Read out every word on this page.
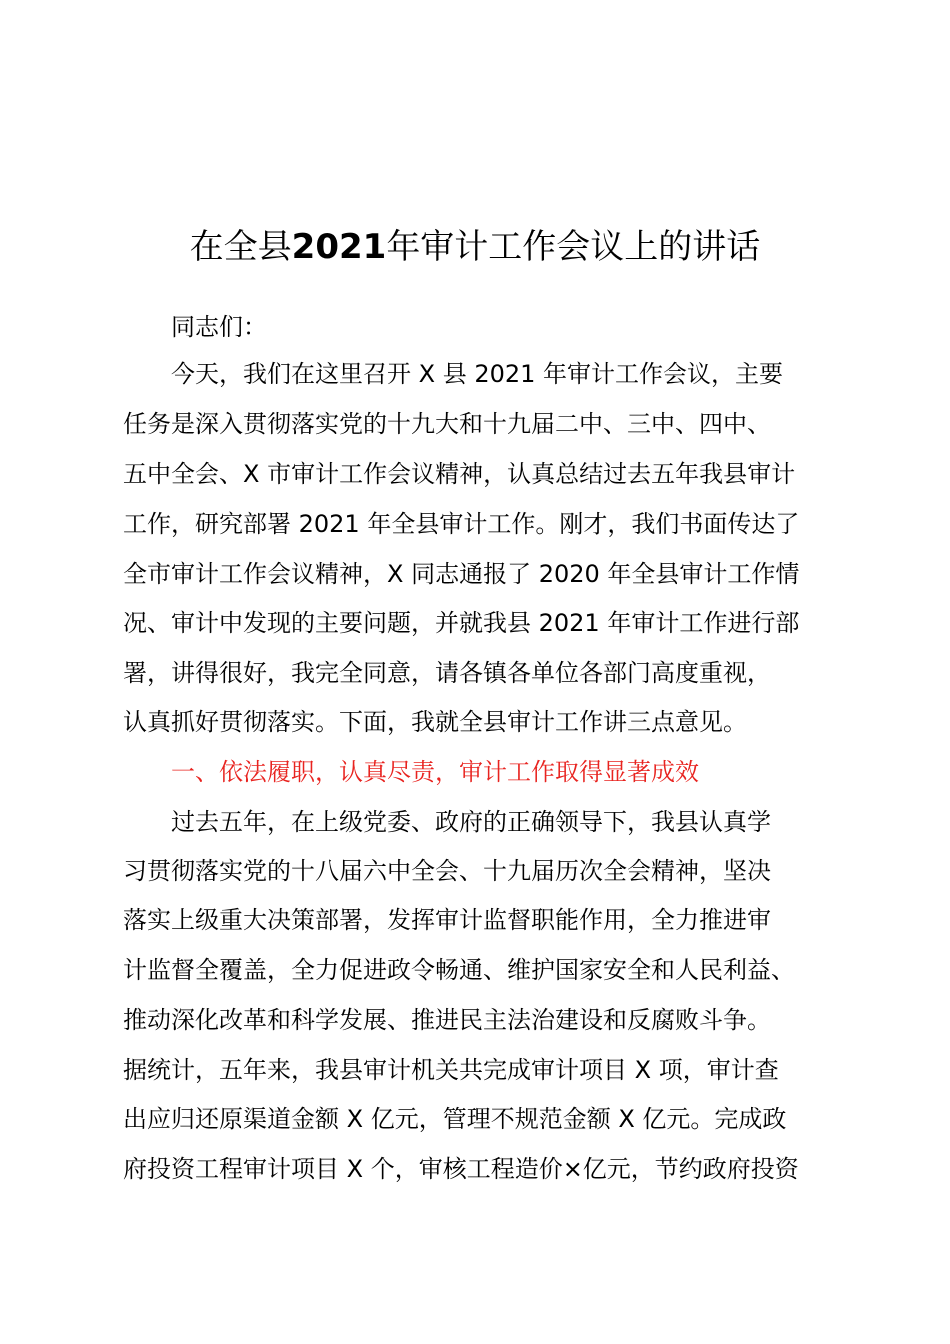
在全县2021年审计工作会议上的讲话
同志们：
今天，我们在这里召开 X 县 2021 年审计工作会议，主要
任务是深入贯彻落实党的十九大和十九届二中、三中、四中、
五中全会、X 市审计工作会议精神，认真总结过去五年我县审计
工作，研究部署 2021 年全县审计工作。刚才，我们书面传达了
全市审计工作会议精神，X 同志通报了 2020 年全县审计工作情
况、审计中发现的主要问题，并就我县 2021 年审计工作进行部
署，讲得很好，我完全同意，请各镇各单位各部门高度重视，
认真抓好贯彻落实。下面，我就全县审计工作讲三点意见。
一、依法履职，认真尽责，审计工作取得显著成效
过去五年，在上级党委、政府的正确领导下，我县认真学
习贯彻落实党的十八届六中全会、十九届历次全会精神，坚决
落实上级重大决策部署，发挥审计监督职能作用，全力推进审
计监督全覆盖，全力促进政令畅通、维护国家安全和人民利益、
推动深化改革和科学发展、推进民主法治建设和反腐败斗争。
据统计，五年来，我县审计机关共完成审计项目 X 项，审计查
出应归还原渠道金额 X 亿元，管理不规范金额 X 亿元。完成政
府投资工程审计项目 X 个，审核工程造价×亿元，节约政府投资
